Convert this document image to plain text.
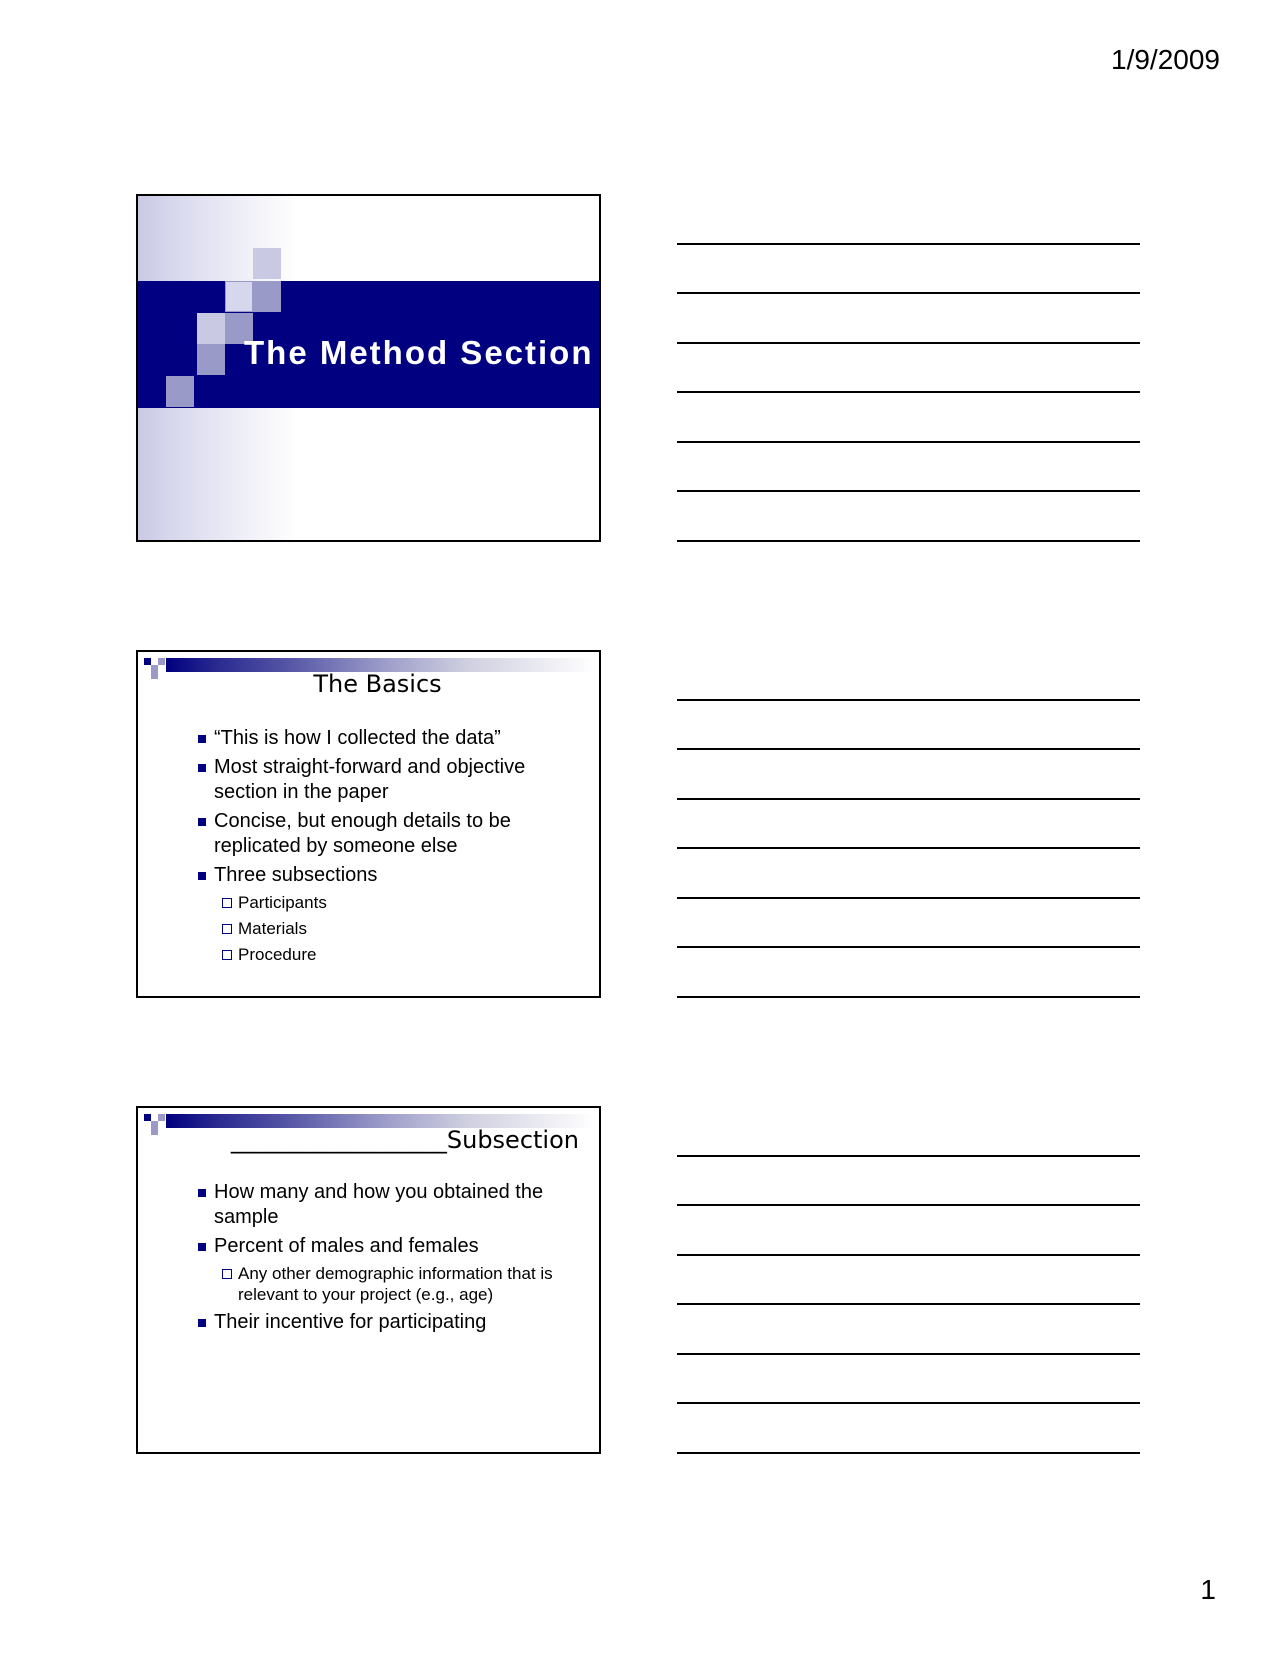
1/9/2009
The Method Section
The Basics
“This is how I collected the data”
Most straight-forward and objective section in the paper
Concise, but enough details to be replicated by someone else
Three subsections
Participants
Materials
Procedure
__________________Subsection
How many and how you obtained the sample
Percent of males and females
Any other demographic information that is relevant to your project (e.g., age)
Their incentive for participating
1
